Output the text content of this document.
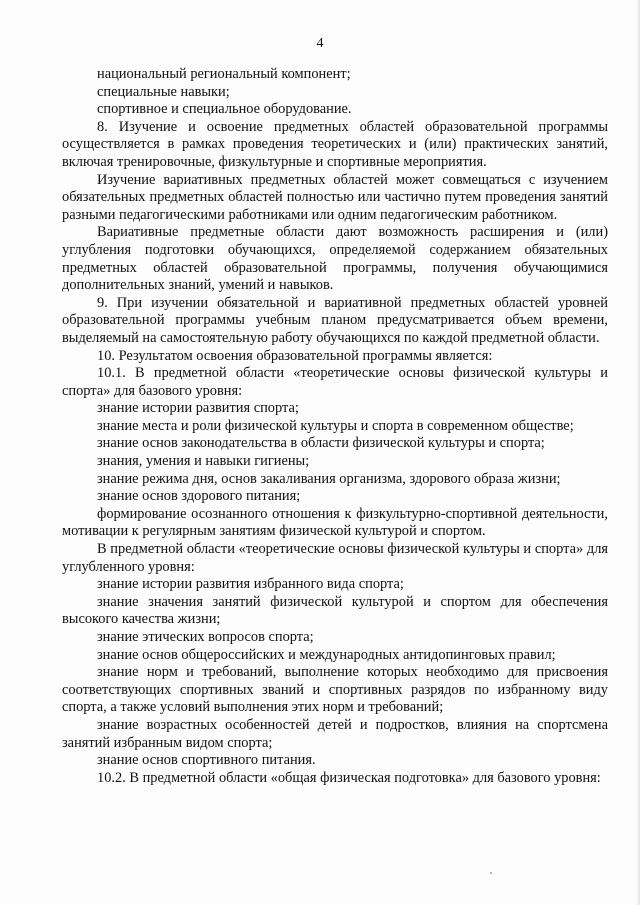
4

национальный региональный компонент;

специальные навыки;

спортивное и специальное оборудование.

8. Изучение и освоение предметных областей образовательной программы осуществляется в рамках проведения теоретических и (или) практических занятий, включая тренировочные, физкультурные и спортивные мероприятия.

Изучение вариативных предметных областей может совмещаться с изучением обязательных предметных областей полностью или частично путем проведения занятий разными педагогическими работниками или одним педагогическим работником.

Вариативные предметные области дают возможность расширения и (или) углубления подготовки обучающихся, определяемой содержанием обязательных предметных областей образовательной программы, получения обучающимися дополнительных знаний, умений и навыков.

9. При изучении обязательной и вариативной предметных областей уровней образовательной программы учебным планом предусматривается объем времени, выделяемый на самостоятельную работу обучающихся по каждой предметной области.

10. Результатом освоения образовательной программы является:

10.1. В предметной области «теоретические основы физической культуры и спорта» для базового уровня:

знание истории развития спорта;

знание места и роли физической культуры и спорта в современном обществе;

знание основ законодательства в области физической культуры и спорта;

знания, умения и навыки гигиены;

знание режима дня, основ закаливания организма, здорового образа жизни;

знание основ здорового питания;

формирование осознанного отношения к физкультурно-спортивной деятельности, мотивации к регулярным занятиям физической культурой и спортом.

В предметной области «теоретические основы физической культуры и спорта» для углубленного уровня:

знание истории развития избранного вида спорта;

знание значения занятий физической культурой и спортом для обеспечения высокого качества жизни;

знание этических вопросов спорта;

знание основ общероссийских и международных антидопинговых правил;

знание норм и требований, выполнение которых необходимо для присвоения соответствующих спортивных званий и спортивных разрядов по избранному виду спорта, а также условий выполнения этих норм и требований;

знание возрастных особенностей детей и подростков, влияния на спортсмена занятий избранным видом спорта;

знание основ спортивного питания.

10.2. В предметной области «общая физическая подготовка» для базового уровня:
